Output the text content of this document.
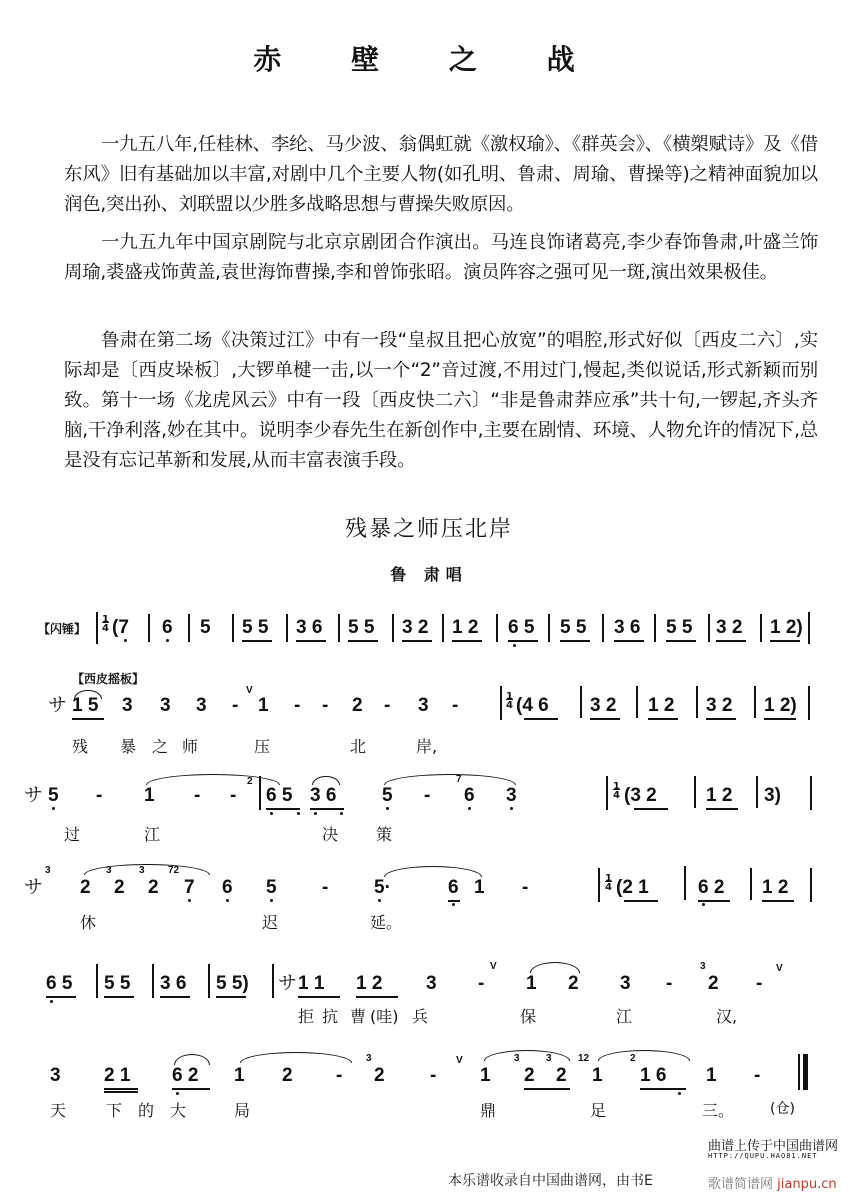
赤 壁 之 战
一九五八年,任桂林、李纶、马少波、翁偶虹就《激权瑜》、《群英会》、《横槊赋诗》及《借东风》旧有基础加以丰富,对剧中几个主要人物(如孔明、鲁肃、周瑜、曹操等)之精神面貌加以润色,突出孙、刘联盟以少胜多战略思想与曹操失败原因。
一九五九年中国京剧院与北京京剧团合作演出。马连良饰诸葛亮,李少春饰鲁肃,叶盛兰饰周瑜,裘盛戎饰黄盖,袁世海饰曹操,李和曾饰张昭。演员阵容之强可见一斑,演出效果极佳。
鲁肃在第二场《决策过江》中有一段“皇叔且把心放宽”的唱腔,形式好似〔西皮二六〕,实际却是〔西皮垛板〕,大锣单楗一击,以一个“2”音过渡,不用过门,慢起,类似说话,形式新颖而别致。第十一场《龙虎风云》中有一段〔西皮快二六〕“非是鲁肃莽应承”共十句,一锣起,齐头齐脑,干净利落,妙在其中。说明李少春先生在新创作中,主要在剧情、环境、人物允许的情况下,总是没有忘记革新和发展,从而丰富表演手段。
残暴之师压北岸
鲁 肃唱
【闪锤】
1
4 (7 6 5 5 5 3 6 5 5 3 2 1 2 6 5 5 5 3 6 5 5 3 2 1 2)
【西皮摇板】
サ 1 5 3 3 3 -
V
1 - - 2 - 3 -	1
4 (4 6 3 2 1 2 3 2 1 2)
残 暴 之 师	压	北	岸,
サ 5 - 1 - -
2
6 5 3 6 5 -
7
6 3	1
4 (3 2	1 2 3)
过	江	决 策
サ
3
2
3
2
3
2
72
7 6 5 - 5·	6 1 -	1
4 (2 1	6 2 1 2
休	迟	延。
6 5 5 5 3 6 5 5) サ 1 1 1 2 3 -
V
1 2 3 -
3
2 -
V
拒 抗 曹 (哇) 兵	保	江	汉,
3 2 1 6 2 1 2 -
3
2 -
V
1
3
2
3
2
12
1
2
1 6 1 -
天 下 的 大	局	鼎	足	三。	(仓)
本乐谱收录自中国曲谱网，由书E
曲谱上传于中国曲谱网
HTTP://QUPU.HAO81.NET
歌谱简谱网 jianpu.cn
